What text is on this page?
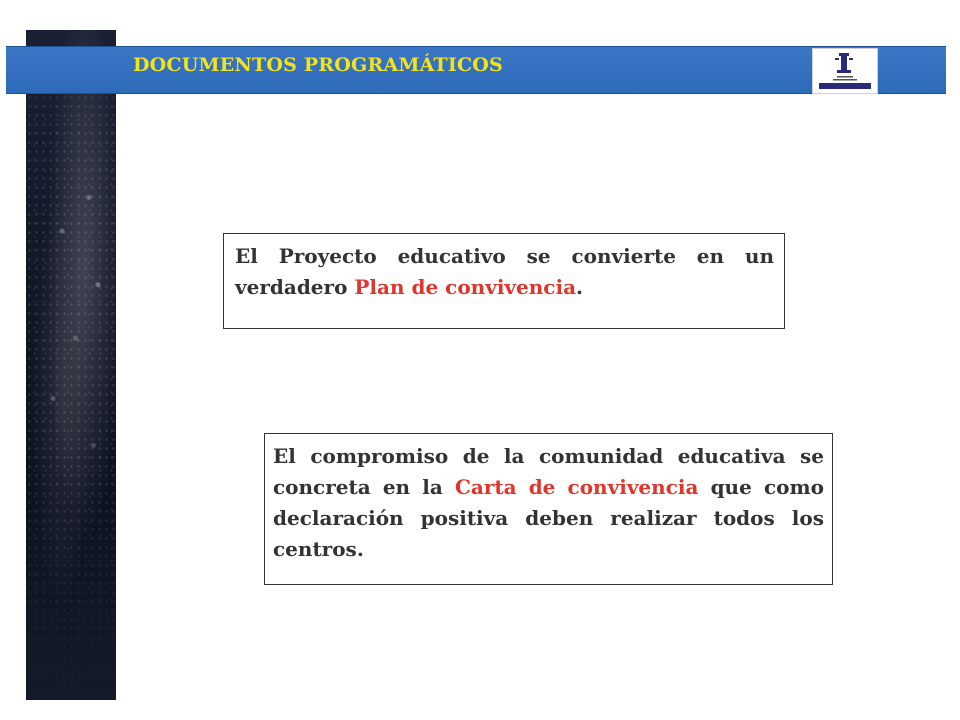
DOCUMENTOS PROGRAMÁTICOS
El Proyecto educativo se convierte en un verdadero Plan de convivencia.
El compromiso de la comunidad educativa se concreta en la Carta de convivencia que como declaración positiva deben realizar todos los centros.
